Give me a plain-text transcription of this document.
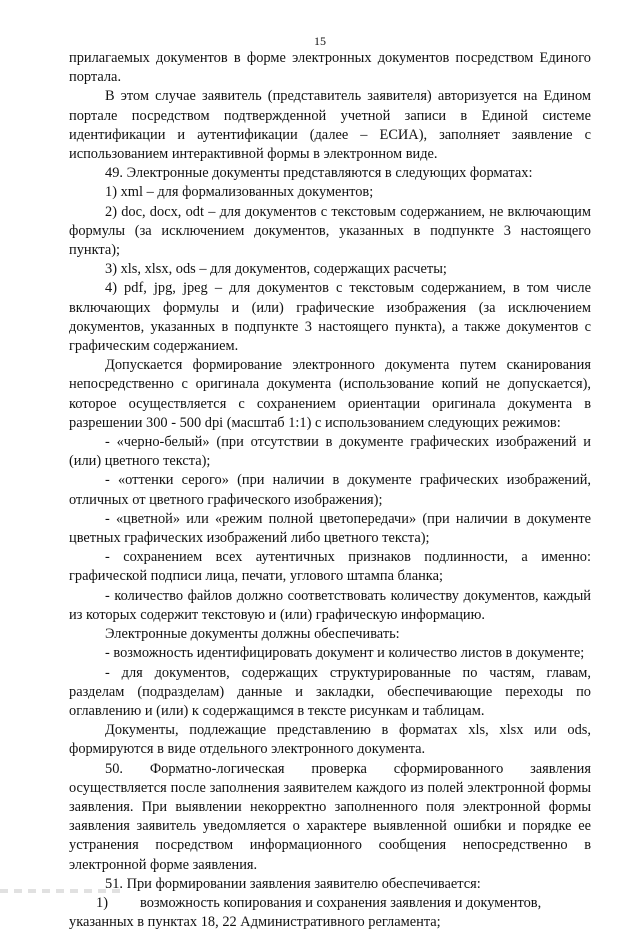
15

прилагаемых документов в форме электронных документов посредством Единого портала.

В этом случае заявитель (представитель заявителя) авторизуется на Едином портале посредством подтвержденной учетной записи в Единой системе идентификации и аутентификации (далее – ЕСИА), заполняет заявление с использованием интерактивной формы в электронном виде.

49. Электронные документы представляются в следующих форматах:

1) xml – для формализованных документов;

2) doc, docx, odt – для документов с текстовым содержанием, не включающим формулы (за исключением документов, указанных в подпункте 3 настоящего пункта);

3) xls, xlsx, ods – для документов, содержащих расчеты;

4) pdf, jpg, jpeg – для документов с текстовым содержанием, в том числе включающих формулы и (или) графические изображения (за исключением документов, указанных в подпункте 3 настоящего пункта), а также документов с графическим содержанием.

Допускается формирование электронного документа путем сканирования непосредственно с оригинала документа (использование копий не допускается), которое осуществляется с сохранением ориентации оригинала документа в разрешении 300 - 500 dpi (масштаб 1:1) с использованием следующих режимов:

- «черно-белый» (при отсутствии в документе графических изображений и (или) цветного текста);

- «оттенки серого» (при наличии в документе графических изображений, отличных от цветного графического изображения);

- «цветной» или «режим полной цветопередачи» (при наличии в документе цветных графических изображений либо цветного текста);

- сохранением всех аутентичных признаков подлинности, а именно: графической подписи лица, печати, углового штампа бланка;

- количество файлов должно соответствовать количеству документов, каждый из которых содержит текстовую и (или) графическую информацию.

Электронные документы должны обеспечивать:

- возможность идентифицировать документ и количество листов в документе;

- для документов, содержащих структурированные по частям, главам, разделам (подразделам) данные и закладки, обеспечивающие переходы по оглавлению и (или) к содержащимся в тексте рисункам и таблицам.

Документы, подлежащие представлению в форматах xls, xlsx или ods, формируются в виде отдельного электронного документа.

50. Форматно-логическая проверка сформированного заявления осуществляется после заполнения заявителем каждого из полей электронной формы заявления. При выявлении некорректно заполненного поля электронной формы заявления заявитель уведомляется о характере выявленной ошибки и порядке ее устранения посредством информационного сообщения непосредственно в электронной форме заявления.

51. При формировании заявления заявителю обеспечивается:

1)	возможность копирования и сохранения заявления и документов,

указанных в пунктах 18, 22 Административного регламента;
